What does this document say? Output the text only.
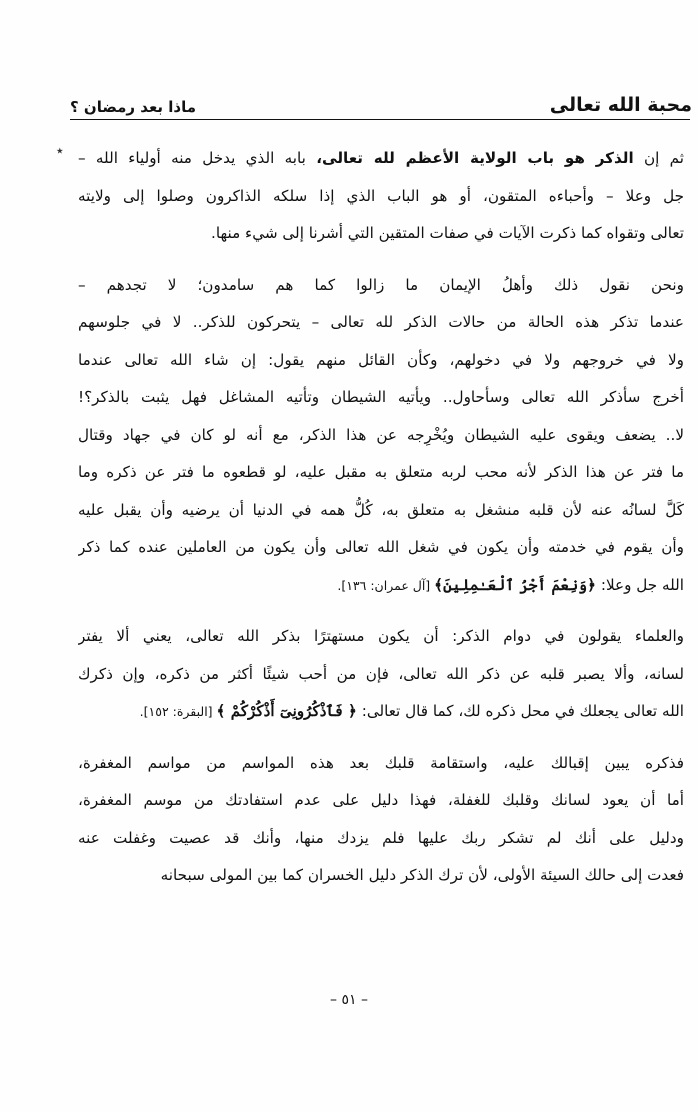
محبة الله تعالى
ماذا بعد رمضان ؟
٭	ثم إن الذكر هو باب الولاية الأعظم لله تعالى، بابه الذي يدخل منه أولياء الله –
جل وعلا – وأحباءه المتقون، أو هو الباب الذي إذا سلكه الذاكرون وصلوا إلى ولايته
تعالى وتقواه كما ذكرت الآيات في صفات المتقين التي أشرنا إلى شيء منها.
ونحن نقول ذلك وأهلُ الإيمان ما زالوا كما هم سامدون؛ لا تجدهم –
عندما تذكر هذه الحالة من حالات الذكر لله تعالى – يتحركون للذكر.. لا في جلوسهم
ولا في خروجهم ولا في دخولهم، وكأن القائل منهم يقول: إن شاء الله تعالى عندما
أخرج سأذكر الله تعالى وسأحاول.. ويأتيه الشيطان وتأتيه المشاغل فهل يثبت بالذكر؟!
لا.. يضعف ويقوى عليه الشيطان ويُخْرِجه عن هذا الذكر، مع أنه لو كان في جهاد وقتال
ما فتر عن هذا الذكر لأنه محب لربه متعلق به مقبل عليه، لو قطعوه ما فتر عن ذكره وما
كَلَّ لسانُه عنه لأن قلبه منشغل به متعلق به، كُلُّ همه في الدنيا أن يرضيه وأن يقبل عليه
وأن يقوم في خدمته وأن يكون في شغل الله تعالى وأن يكون من العاملين عنده كما ذكر
الله جل وعلا: ﴿وَنِعْمَ أَجْرُ ٱلْعَـٰمِلِينَ﴾ [آل عمران: ١٣٦].
والعلماء يقولون في دوام الذكر: أن يكون مستهترًا بذكر الله تعالى، يعني ألا يفتر
لسانه، وألا يصبر قلبه عن ذكر الله تعالى، فإن من أحب شيئًا أكثر من ذكره، وإن ذكرك
الله تعالى يجعلك في محل ذكره لك، كما قال تعالى: ﴿ فَٱذْكُرُونِىٓ أَذْكُرْكُمْ ﴾ [البقرة: ١٥٢].
فذكره يبين إقبالك عليه، واستقامة قلبك بعد هذه المواسم من مواسم المغفرة،
أما أن يعود لسانك وقلبك للغفلة، فهذا دليل على عدم استفادتك من موسم المغفرة،
ودليل على أنك لم تشكر ربك عليها فلم يزدك منها، وأنك قد عصيت وغفلت عنه
فعدت إلى حالك السيئة الأولى، لأن ترك الذكر دليل الخسران كما بين المولى سبحانه
– ٥١ –
